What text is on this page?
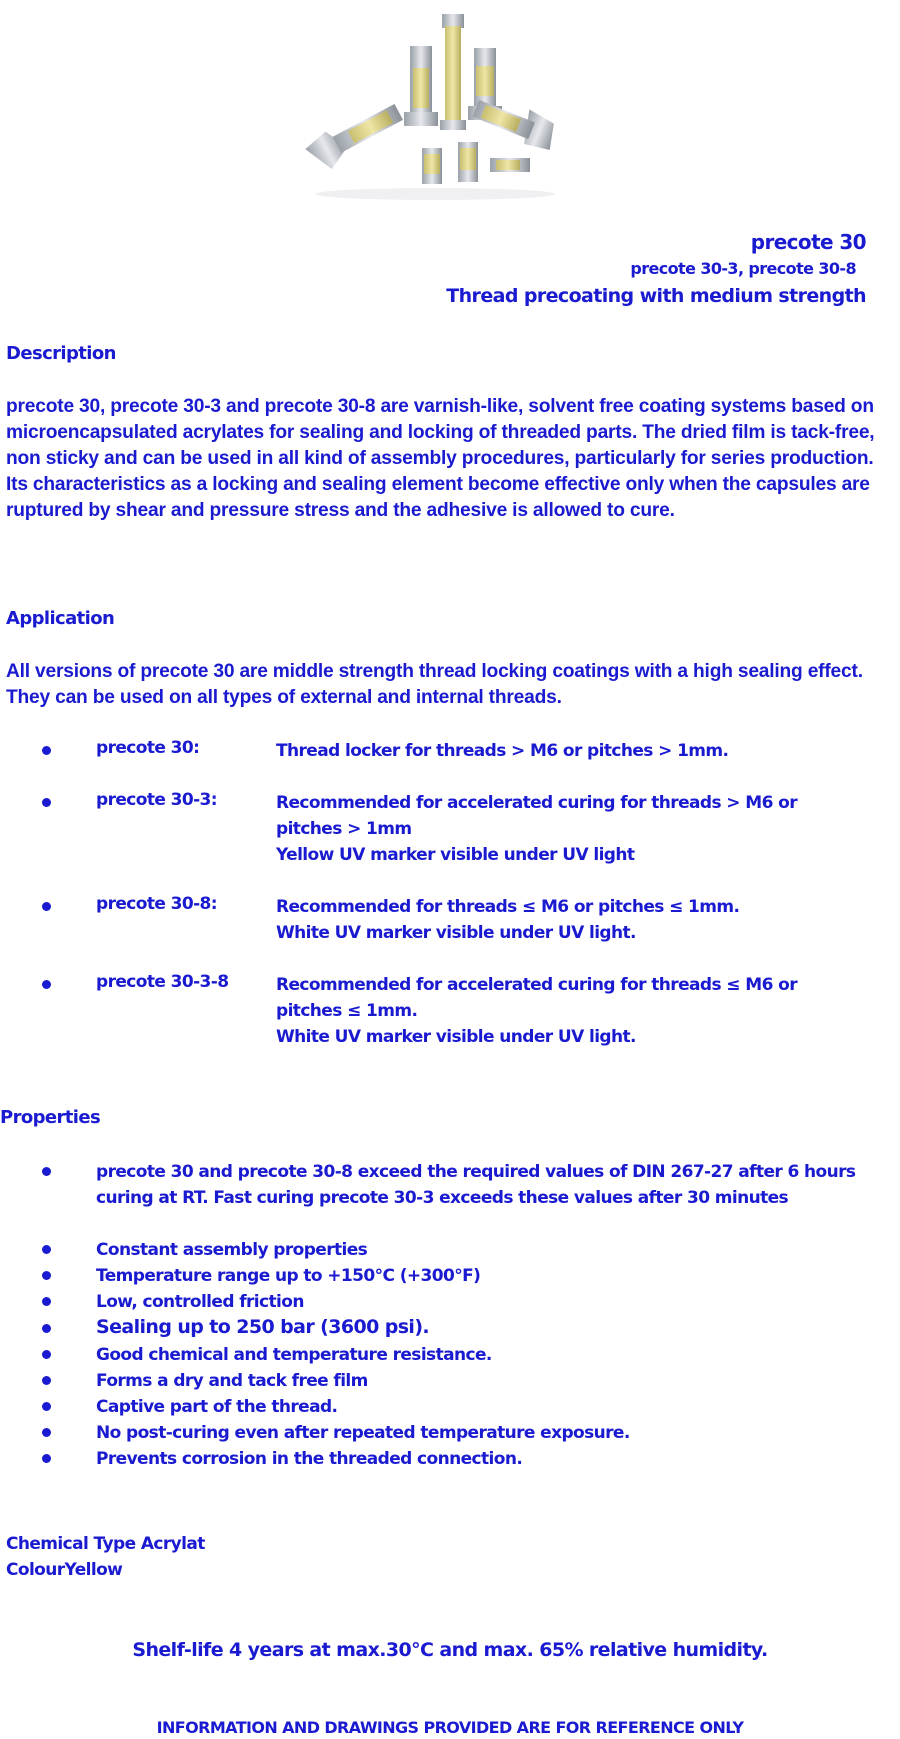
precote 30
precote 30-3, precote 30-8
Thread precoating with medium strength
Description

precote 30, precote 30-3 and precote 30-8 are varnish-like, solvent free coating systems based on microencapsulated acrylates for sealing and locking of threaded parts. The dried film is tack-free, non sticky and can be used in all kind of assembly procedures, particularly for series production.

Its characteristics as a locking and sealing element become effective only when the capsules are ruptured by shear and pressure stress and the adhesive is allowed to cure.

Application
All versions of precote 30 are middle strength thread locking coatings with a high sealing effect. They can be used on all types of external and internal threads.
precote 30:	Thread locker for threads > M6 or pitches > 1mm.
precote 30-3:	Recommended for accelerated curing for threads > M6 or
pitches > 1mm
Yellow UV marker visible under UV light
precote 30-8:	Recommended for threads ≤ M6 or pitches ≤ 1mm.
White UV marker visible under UV light.
precote 30-3-8	Recommended for accelerated curing for threads ≤ M6 or
pitches ≤ 1mm.
White UV marker visible under UV light.
Properties
precote 30 and precote 30-8 exceed the required values of DIN 267-27 after 6 hours
curing at RT. Fast curing precote 30-3 exceeds these values after 30 minutes
Constant assembly properties
Temperature range up to +150°C (+300°F)
Low, controlled friction
Sealing up to 250 bar (3600 psi).
Good chemical and temperature resistance.
Forms a dry and tack free film
Captive part of the thread.
No post-curing even after repeated temperature exposure.
Prevents corrosion in the threaded connection.
Chemical Type Acrylat
ColourYellow
Shelf-life 4 years at max.30°C and max. 65% relative humidity.
INFORMATION AND DRAWINGS PROVIDED ARE FOR REFERENCE ONLY
